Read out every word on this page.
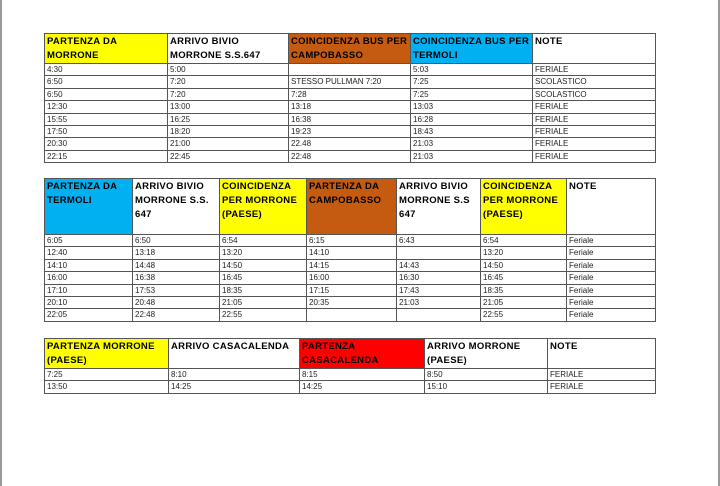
PARTENZA DA MORRONE	ARRIVO BIVIO MORRONE S.S.647	COINCIDENZA BUS PER CAMPOBASSO	COINCIDENZA BUS PER TERMOLI	NOTE
4:30	5:00		5:03	FERIALE
6:50	7:20	STESSO PULLMAN 7:20	7:25	SCOLASTICO
6:50	7:20	7:28	7:25	SCOLASTICO
12:30	13:00	13:18	13:03	FERIALE
15:55	16:25	16:38	16:28	FERIALE
17:50	18:20	19:23	18:43	FERIALE
20:30	21:00	22.48	21:03	FERIALE
22:15	22:45	22:48	21:03	FERIALE
PARTENZA DA TERMOLI	ARRIVO BIVIO MORRONE S.S. 647	COINCIDENZA PER MORRONE (PAESE)	PARTENZA DA CAMPOBASSO	ARRIVO BIVIO MORRONE S.S 647	COINCIDENZA PER MORRONE (PAESE)	NOTE
6:05	6:50	6:54	6:15	6:43	6:54	Feriale
12:40	13:18	13:20	14:10		13:20	Feriale
14:10	14:48	14:50	14:15	14:43	14:50	Feriale
16:00	16:38	16:45	16:00	16:30	16:45	Feriale
17:10	17:53	18:35	17:15	17:43	18:35	Feriale
20:10	20:48	21:05	20:35	21:03	21:05	Feriale
22:05	22:48	22:55			22:55	Feriale
PARTENZA MORRONE (PAESE)	ARRIVO CASACALENDA	PARTENZA CASACALENDA	ARRIVO MORRONE (PAESE)	NOTE
7:25	8:10	8:15	8:50	FERIALE
13:50	14:25	14:25	15:10	FERIALE
